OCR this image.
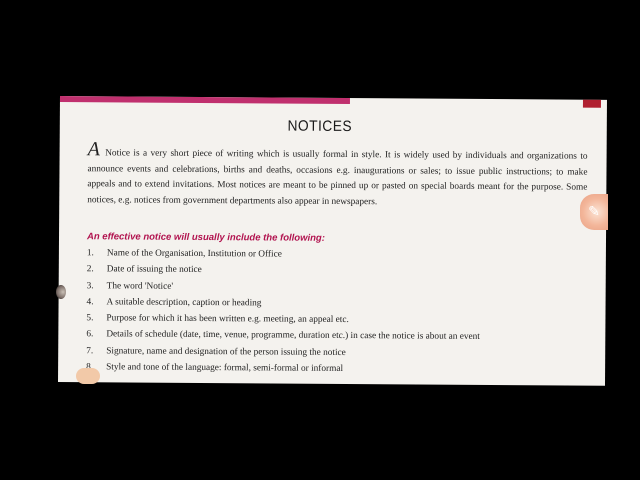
NOTICES
A Notice is a very short piece of writing which is usually formal in style. It is widely used by individuals and organizations to announce events and celebrations, births and deaths, occasions e.g. inaugurations or sales; to issue public instructions; to make appeals and to extend invitations. Most notices are meant to be pinned up or pasted on special boards meant for the purpose. Some notices, e.g. notices from government departments also appear in newspapers.
An effective notice will usually include the following:
1.	Name of the Organisation, Institution or Office
2.	Date of issuing the notice
3.	The word 'Notice'
4.	A suitable description, caption or heading
5.	Purpose for which it has been written e.g. meeting, an appeal etc.
6.	Details of schedule (date, time, venue, programme, duration etc.) in case the notice is about an event
7.	Signature, name and designation of the person issuing the notice
Style and tone of the language: formal, semi-formal or informal
✎
